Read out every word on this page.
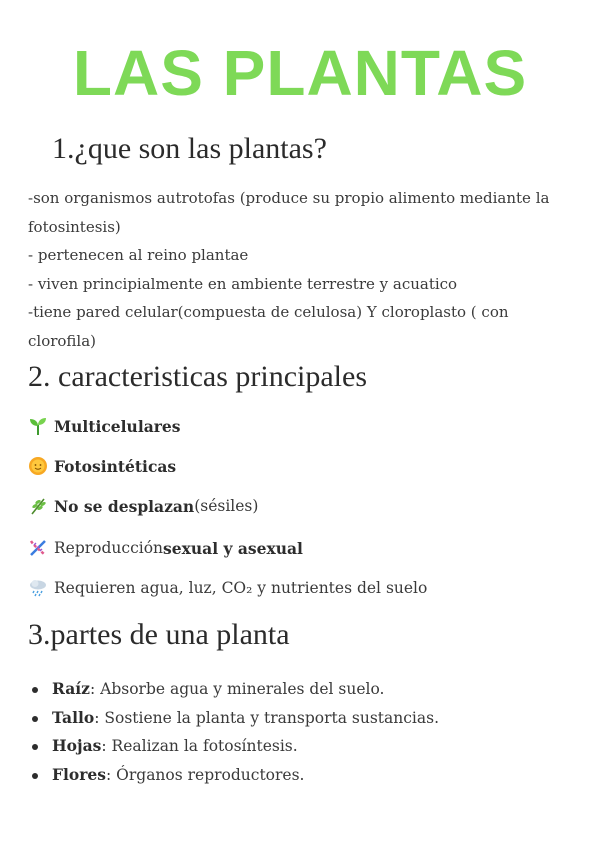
LAS PLANTAS
1.¿que son las plantas?

-son organismos autrotofas (produce su propio alimento mediante la fotosintesis)

- pertenecen al reino plantae

- viven principialmente en ambiente terrestre y acuatico

-tiene pared celular(compuesta de celulosa) Y cloroplasto ( con clorofila)

2. caracteristicas principales
Multicelulares
Fotosintéticas
No se desplazan (sésiles)
Reproducción sexual y asexual
Requieren agua, luz, CO₂ y nutrientes del suelo
3.partes de una planta
Raíz: Absorbe agua y minerales del suelo.
Tallo: Sostiene la planta y transporta sustancias.
Hojas: Realizan la fotosíntesis.
Flores: Órganos reproductores.
